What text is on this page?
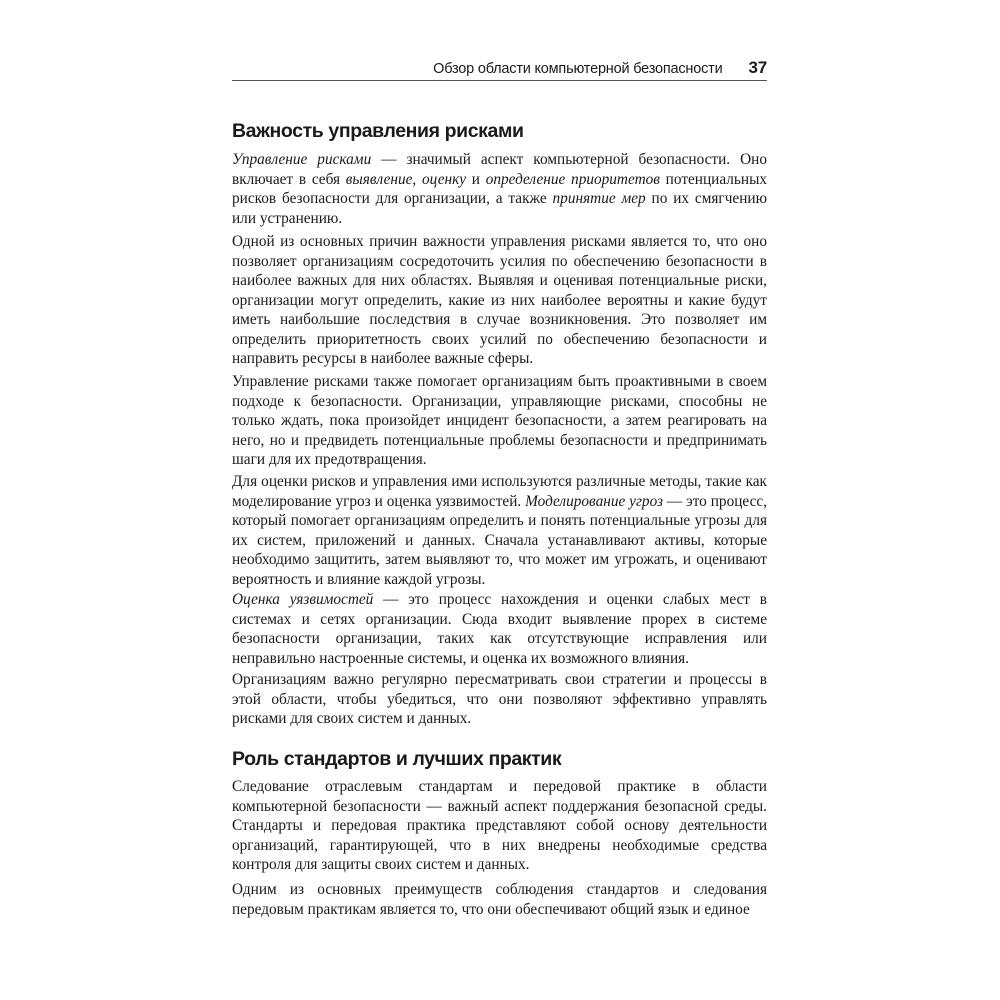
Обзор области компьютерной безопасности 37
Важность управления рисками

Управление рисками — значимый аспект компьютерной безопасности. Оно включает в себя выявление, оценку и определение приоритетов потенциальных рисков безопасности для организации, а также принятие мер по их смягчению или устранению.

Одной из основных причин важности управления рисками является то, что оно позволяет организациям сосредоточить усилия по обеспечению безопасности в наиболее важных для них областях. Выявляя и оценивая потенциальные риски, организации могут определить, какие из них наиболее вероятны и какие будут иметь наибольшие последствия в случае возникновения. Это позволяет им определить приоритетность своих усилий по обеспечению безопасности и направить ресурсы в наиболее важные сферы.

Управление рисками также помогает организациям быть проактивными в своем подходе к безопасности. Организации, управляющие рисками, способны не только ждать, пока произойдет инцидент безопасности, а затем реагировать на него, но и предвидеть потенциальные проблемы безопасности и предпринимать шаги для их предотвращения.

Для оценки рисков и управления ими используются различные методы, такие как моделирование угроз и оценка уязвимостей. Моделирование угроз — это процесс, который помогает организациям определить и понять потенциальные угрозы для их систем, приложений и данных. Сначала устанавливают активы, которые необходимо защитить, затем выявляют то, что может им угрожать, и оценивают вероятность и влияние каждой угрозы.

Оценка уязвимостей — это процесс нахождения и оценки слабых мест в системах и сетях организации. Сюда входит выявление прорех в системе безопасности организации, таких как отсутствующие исправления или неправильно настроенные системы, и оценка их возможного влияния.

Организациям важно регулярно пересматривать свои стратегии и процессы в этой области, чтобы убедиться, что они позволяют эффективно управлять рисками для своих систем и данных.

Роль стандартов и лучших практик

Следование отраслевым стандартам и передовой практике в области компьютерной безопасности — важный аспект поддержания безопасной среды. Стандарты и передовая практика представляют собой основу деятельности организаций, гарантирующей, что в них внедрены необходимые средства контроля для защиты своих систем и данных.

Одним из основных преимуществ соблюдения стандартов и следования передовым практикам является то, что они обеспечивают общий язык и единое
